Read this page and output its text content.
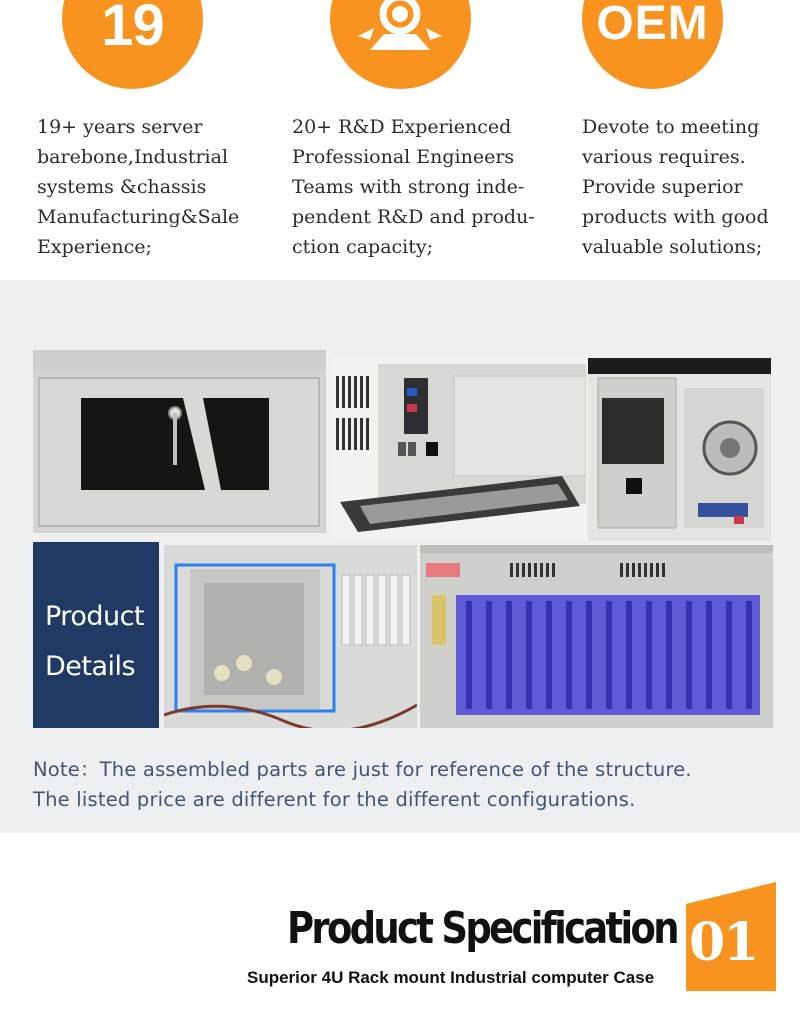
19	OEM

19+ years server
barebone,Industrial
systems &chassis
Manufacturing&Sale
Experience;

20+ R&D Experienced
Professional Engineers
Teams with strong inde-
pendent R&D and produ-
ction capacity;

Devote to meeting
various requires.
Provide superior
products with good
valuable solutions;

Product
Details
Note：The assembled parts are just for reference of the structure.
The listed price are different for the different configurations.
Product Specification
Superior 4U Rack mount Industrial computer Case
01
